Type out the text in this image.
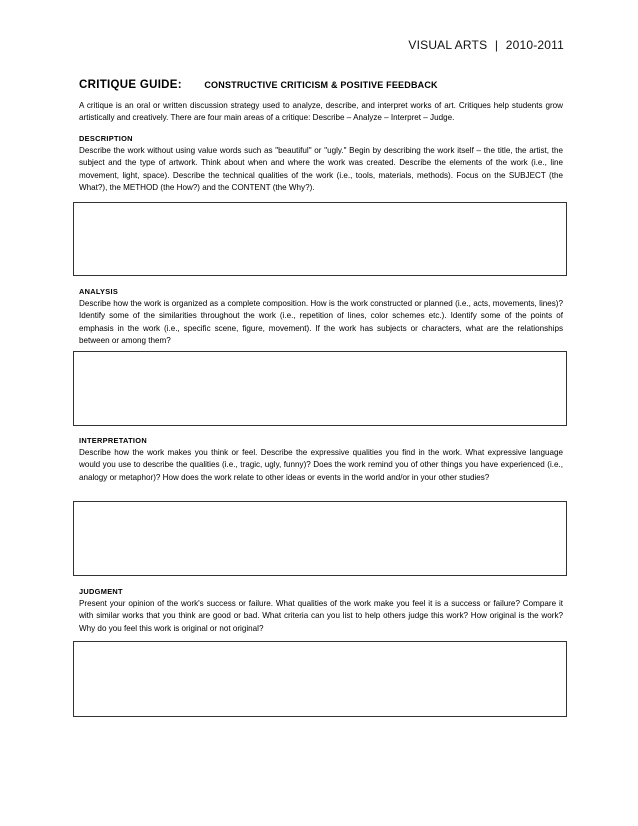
VISUAL ARTS | 2010-2011
CRITIQUE GUIDE: CONSTRUCTIVE CRITICISM & POSITIVE FEEDBACK
A critique is an oral or written discussion strategy used to analyze, describe, and interpret works of art. Critiques help students grow artistically and creatively. There are four main areas of a critique: Describe – Analyze – Interpret – Judge.
DESCRIPTION
Describe the work without using value words such as "beautiful" or "ugly." Begin by describing the work itself – the title, the artist, the subject and the type of artwork. Think about when and where the work was created. Describe the elements of the work (i.e., line movement, light, space). Describe the technical qualities of the work (i.e., tools, materials, methods). Focus on the SUBJECT (the What?), the METHOD (the How?) and the CONTENT (the Why?).
ANALYSIS
Describe how the work is organized as a complete composition. How is the work constructed or planned (i.e., acts, movements, lines)? Identify some of the similarities throughout the work (i.e., repetition of lines, color schemes etc.). Identify some of the points of emphasis in the work (i.e., specific scene, figure, movement). If the work has subjects or characters, what are the relationships between or among them?
INTERPRETATION
Describe how the work makes you think or feel. Describe the expressive qualities you find in the work. What expressive language would you use to describe the qualities (i.e., tragic, ugly, funny)? Does the work remind you of other things you have experienced (i.e., analogy or metaphor)? How does the work relate to other ideas or events in the world and/or in your other studies?
JUDGMENT
Present your opinion of the work's success or failure. What qualities of the work make you feel it is a success or failure? Compare it with similar works that you think are good or bad. What criteria can you list to help others judge this work? How original is the work? Why do you feel this work is original or not original?
